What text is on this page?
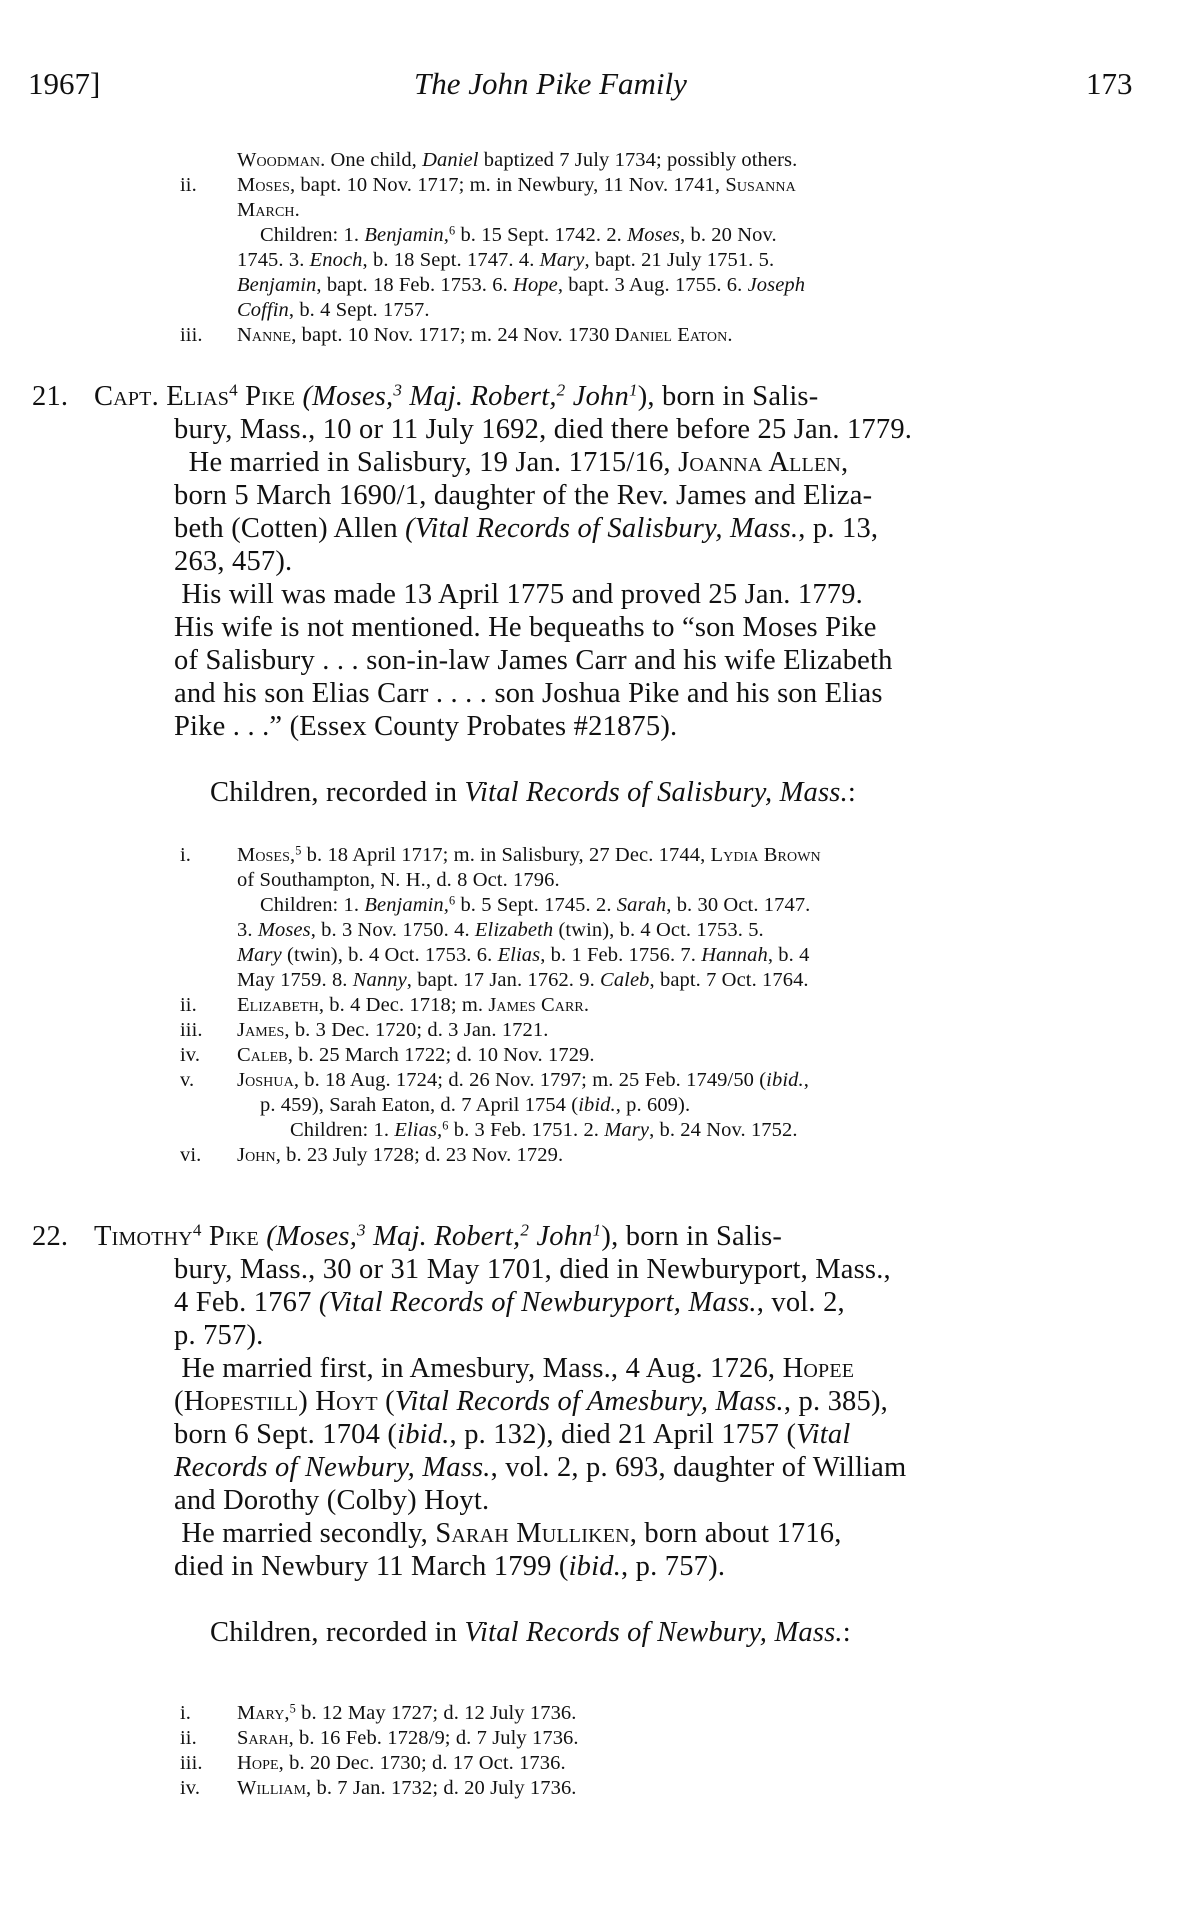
1967]	The John Pike Family	173
Woodman. One child, Daniel baptized 7 July 1734; possibly others.
ii. Moses, bapt. 10 Nov. 1717; m. in Newbury, 11 Nov. 1741, Susanna
March.
Children: 1. Benjamin,$^6$ b. 15 Sept. 1742. 2. Moses, b. 20 Nov.
1745. 3. Enoch, b. 18 Sept. 1747. 4. Mary, bapt. 21 July 1751. 5.
Benjamin, bapt. 18 Feb. 1753. 6. Hope, bapt. 3 Aug. 1755. 6. Joseph
Coffin, b. 4 Sept. 1757.
iii. Nanne, bapt. 10 Nov. 1717; m. 24 Nov. 1730 Daniel Eaton.
21. Capt. Elias$^4$ Pike (Moses,$^3$ Maj. Robert,$^2$ John$^1$), born in Salis-
bury, Mass., 10 or 11 July 1692, died there before 25 Jan. 1779.
He married in Salisbury, 19 Jan. 1715/16, Joanna Allen,
born 5 March 1690/1, daughter of the Rev. James and Eliza-
beth (Cotten) Allen (Vital Records of Salisbury, Mass., p. 13,
263, 457).
His will was made 13 April 1775 and proved 25 Jan. 1779.
His wife is not mentioned. He bequeaths to “son Moses Pike
of Salisbury . . . son-in-law James Carr and his wife Elizabeth
and his son Elias Carr . . . . son Joshua Pike and his son Elias
Pike . . .” (Essex County Probates #21875).
Children, recorded in Vital Records of Salisbury, Mass.:
i. Moses,$^5$ b. 18 April 1717; m. in Salisbury, 27 Dec. 1744, Lydia Brown
of Southampton, N. H., d. 8 Oct. 1796.
Children: 1. Benjamin,$^6$ b. 5 Sept. 1745. 2. Sarah, b. 30 Oct. 1747.
3. Moses, b. 3 Nov. 1750. 4. Elizabeth (twin), b. 4 Oct. 1753. 5.
Mary (twin), b. 4 Oct. 1753. 6. Elias, b. 1 Feb. 1756. 7. Hannah, b. 4
May 1759. 8. Nanny, bapt. 17 Jan. 1762. 9. Caleb, bapt. 7 Oct. 1764.
ii. Elizabeth, b. 4 Dec. 1718; m. James Carr.
iii. James, b. 3 Dec. 1720; d. 3 Jan. 1721.
iv. Caleb, b. 25 March 1722; d. 10 Nov. 1729.
v. Joshua, b. 18 Aug. 1724; d. 26 Nov. 1797; m. 25 Feb. 1749/50 (ibid.,
p. 459), Sarah Eaton, d. 7 April 1754 (ibid., p. 609).
Children: 1. Elias,$^6$ b. 3 Feb. 1751. 2. Mary, b. 24 Nov. 1752.
vi. John, b. 23 July 1728; d. 23 Nov. 1729.
22. Timothy$^4$ Pike (Moses,$^3$ Maj. Robert,$^2$ John$^1$), born in Salis-
bury, Mass., 30 or 31 May 1701, died in Newburyport, Mass.,
4 Feb. 1767 (Vital Records of Newburyport, Mass., vol. 2,
p. 757).
He married first, in Amesbury, Mass., 4 Aug. 1726, Hopee
(Hopestill) Hoyt (Vital Records of Amesbury, Mass., p. 385),
born 6 Sept. 1704 (ibid., p. 132), died 21 April 1757 (Vital
Records of Newbury, Mass., vol. 2, p. 693, daughter of William
and Dorothy (Colby) Hoyt.
He married secondly, Sarah Mulliken, born about 1716,
died in Newbury 11 March 1799 (ibid., p. 757).
Children, recorded in Vital Records of Newbury, Mass.:
i. Mary,$^5$ b. 12 May 1727; d. 12 July 1736.
ii. Sarah, b. 16 Feb. 1728/9; d. 7 July 1736.
iii. Hope, b. 20 Dec. 1730; d. 17 Oct. 1736.
iv. William, b. 7 Jan. 1732; d. 20 July 1736.
